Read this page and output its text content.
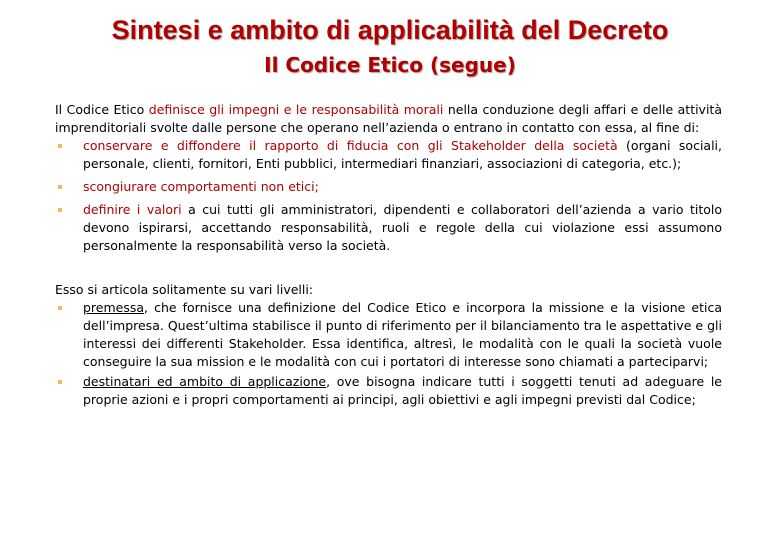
Sintesi e ambito di applicabilità del Decreto
Il Codice Etico (segue)

Il Codice Etico definisce gli impegni e le responsabilità morali nella conduzione degli affari e delle attività imprenditoriali svolte dalle persone che operano nell’azienda o entrano in contatto con essa, al fine di:

conservare e diffondere il rapporto di fiducia con gli Stakeholder della società (organi sociali, personale, clienti, fornitori, Enti pubblici, intermediari finanziari, associazioni di categoria, etc.);
scongiurare comportamenti non etici;
definire i valori a cui tutti gli amministratori, dipendenti e collaboratori dell’azienda a vario titolo devono ispirarsi, accettando responsabilità, ruoli e regole della cui violazione essi assumono personalmente la responsabilità verso la società.

Esso si articola solitamente su vari livelli:

premessa, che fornisce una definizione del Codice Etico e incorpora la missione e la visione etica dell’impresa. Quest’ultima stabilisce il punto di riferimento per il bilanciamento tra le aspettative e gli interessi dei differenti Stakeholder. Essa identifica, altresì, le modalità con le quali la società vuole conseguire la sua mission e le modalità con cui i portatori di interesse sono chiamati a parteciparvi;
destinatari ed ambito di applicazione, ove bisogna indicare tutti i soggetti tenuti ad adeguare le proprie azioni e i propri comportamenti ai principi, agli obiettivi e agli impegni previsti dal Codice;
